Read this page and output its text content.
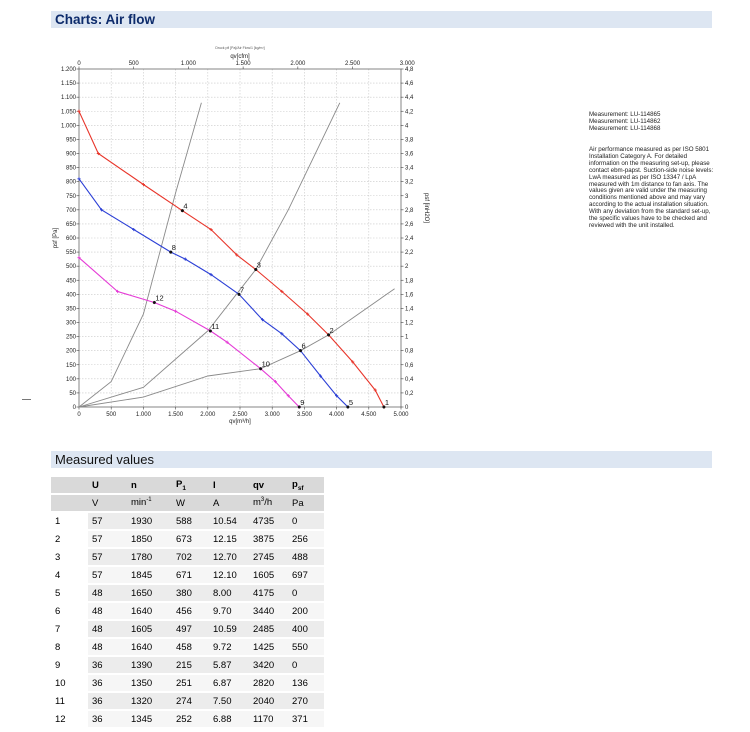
Charts: Air flow
0	500	1.000	1.500	2.000	2.500	3.000	3.500	4.000	4.500	5.000
0	500	1.000	1.500	2.000	2.500	3.000
0
50
100
150
200
250
300
350
400
450
500
550
600
650
700
750
800
850
900
950
1.000
1.050
1.100
1.150
1.200
0
0,2
0,4
0,6
0,8
1
1,2
1,4
1,6
1,8
2
2,2
2,4
2,6
2,8
3
3,2
3,4
3,6
3,8
4
4,2
4,4
4,6
4,8
qv[m³/h]
qv[cfm]
psf [Pa]
psf [inH2O]
Druck pfi [Pa]/Air Flow/1 [kg/m³]
1
2
3
4
5
6
7
8
9
10
11
12
Measurement: LU-114865
Measurement: LU-114862
Measurement: LU-114868
Air performance measured as per ISO 5801 Installation Category A. For detailed information on the measuring set-up, please contact ebm-papst. Suction-side noise levels: LwA measured as per ISO 13347 / LpA measured with 1m distance to fan axis. The values given are valid under the measuring conditions mentioned above and may vary according to the actual installation situation. With any deviation from the standard set-up, the specific values have to be checked and reviewed with the unit installed.
Measured values
	U	n	$P_1$	I	qv	$p_{sf}$
	V	$\min^{-1}$	W	A	$m^3/h$	Pa
1	57	1930	588	10.54	4735	0
2	57	1850	673	12.15	3875	256
3	57	1780	702	12.70	2745	488
4	57	1845	671	12.10	1605	697
5	48	1650	380	8.00	4175	0
6	48	1640	456	9.70	3440	200
7	48	1605	497	10.59	2485	400
8	48	1640	458	9.72	1425	550
9	36	1390	215	5.87	3420	0
10	36	1350	251	6.87	2820	136
11	36	1320	274	7.50	2040	270
12	36	1345	252	6.88	1170	371
